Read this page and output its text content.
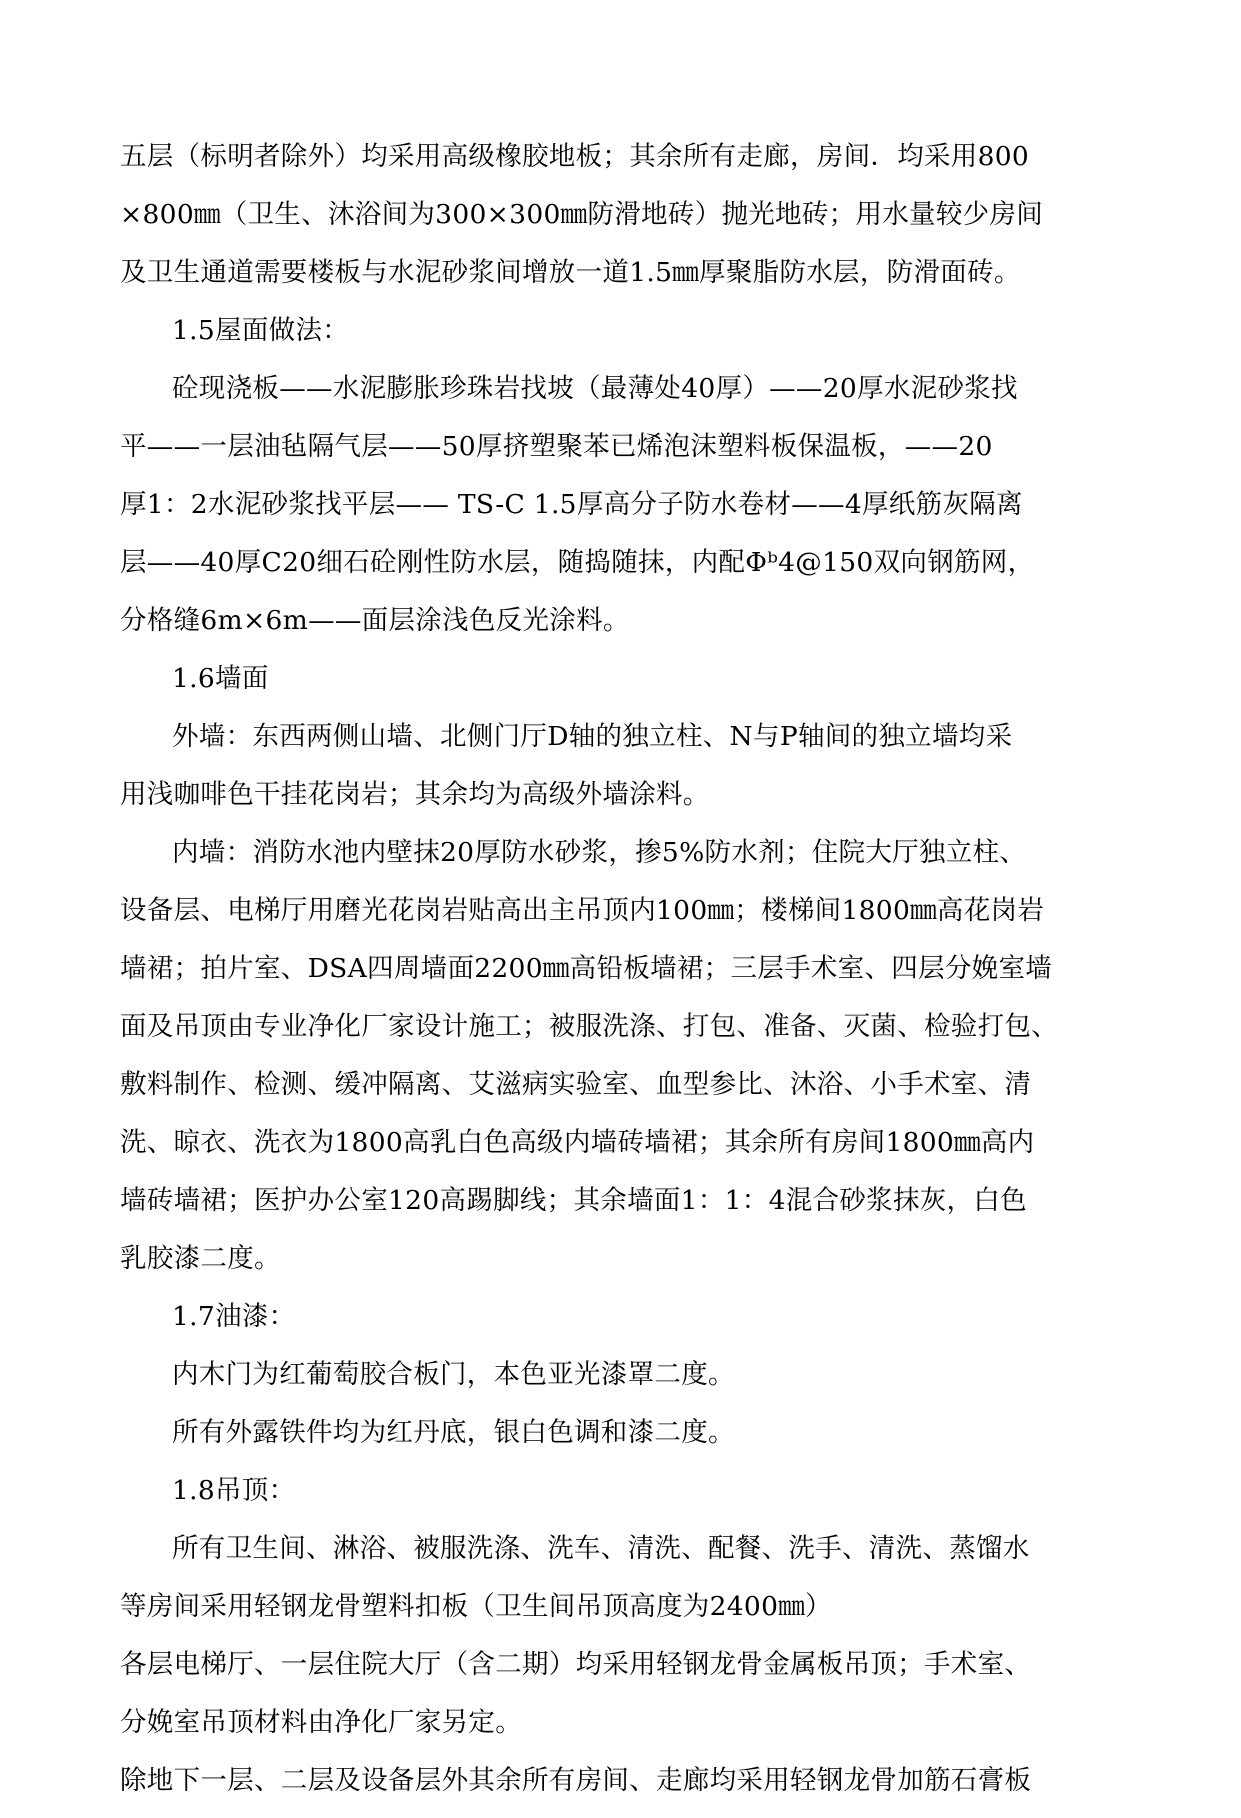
五层（标明者除外）均采用高级橡胶地板；其余所有走廊，房间．均采用800
×800㎜（卫生、沐浴间为300×300㎜防滑地砖）抛光地砖；用水量较少房间
及卫生通道需要楼板与水泥砂浆间增放一道1.5㎜厚聚脂防水层，防滑面砖。
1.5屋面做法：
砼现浇板——水泥膨胀珍珠岩找坡（最薄处40厚）——20厚水泥砂浆找
平——一层油毡隔气层——50厚挤塑聚苯已烯泡沫塑料板保温板，——20
厚1：2水泥砂浆找平层—— TS-C 1.5厚高分子防水卷材——4厚纸筋灰隔离
层——40厚C20细石砼刚性防水层，随捣随抹，内配Φᵇ4@150双向钢筋网，
分格缝6m×6m——面层涂浅色反光涂料。
1.6墙面
外墙：东西两侧山墙、北侧门厅D轴的独立柱、N与P轴间的独立墙均采
用浅咖啡色干挂花岗岩；其余均为高级外墙涂料。
内墙：消防水池内壁抹20厚防水砂浆，掺5%防水剂；住院大厅独立柱、
设备层、电梯厅用磨光花岗岩贴高出主吊顶内100㎜；楼梯间1800㎜高花岗岩
墙裙；拍片室、DSA四周墙面2200㎜高铅板墙裙；三层手术室、四层分娩室墙
面及吊顶由专业净化厂家设计施工；被服洗涤、打包、准备、灭菌、检验打包、
敷料制作、检测、缓冲隔离、艾滋病实验室、血型参比、沐浴、小手术室、清
洗、晾衣、洗衣为1800高乳白色高级内墙砖墙裙；其余所有房间1800㎜高内
墙砖墙裙；医护办公室120高踢脚线；其余墙面1：1：4混合砂浆抹灰，白色
乳胶漆二度。
1.7油漆：
内木门为红葡萄胶合板门，本色亚光漆罩二度。
所有外露铁件均为红丹底，银白色调和漆二度。
1.8吊顶：
所有卫生间、淋浴、被服洗涤、洗车、清洗、配餐、洗手、清洗、蒸馏水
等房间采用轻钢龙骨塑料扣板（卫生间吊顶高度为2400㎜）
各层电梯厅、一层住院大厅（含二期）均采用轻钢龙骨金属板吊顶；手术室、
分娩室吊顶材料由净化厂家另定。
除地下一层、二层及设备层外其余所有房间、走廊均采用轻钢龙骨加筋石膏板
